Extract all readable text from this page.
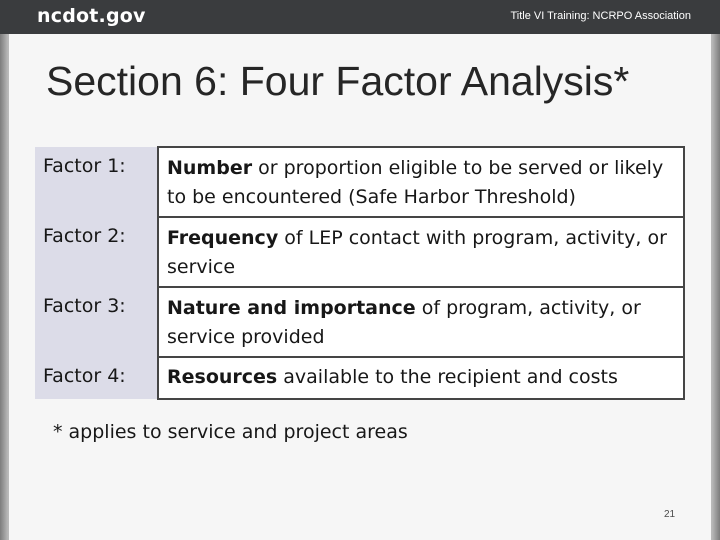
ncdot.gov	Title VI Training: NCRPO Association
Section 6: Four Factor Analysis*
Factor 1:	Number or proportion eligible to be served or likely to be encountered (Safe Harbor Threshold)
Factor 2:	Frequency of LEP contact with program, activity, or service
Factor 3:	Nature and importance of program, activity, or service provided
Factor 4:	Resources available to the recipient and costs
* applies to service and project areas
21
